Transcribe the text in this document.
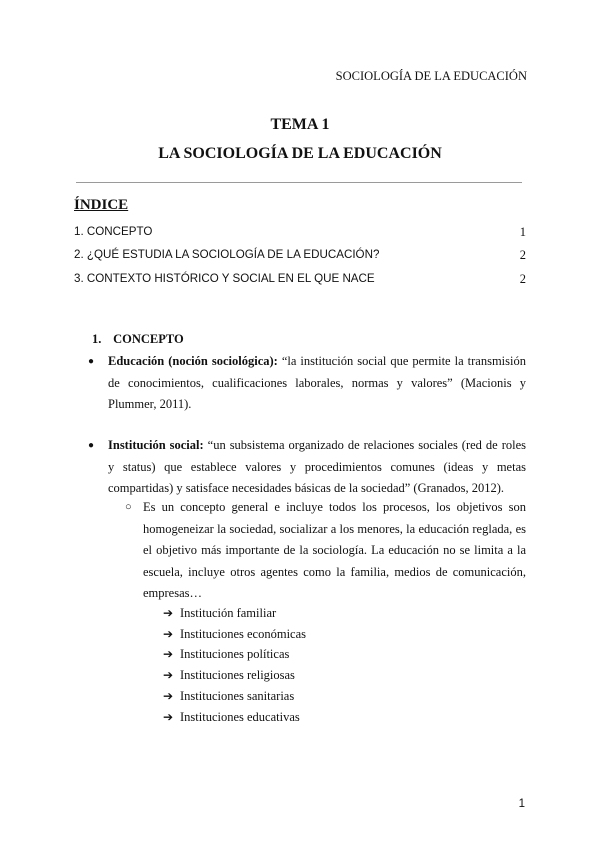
SOCIOLOGÍA DE LA EDUCACIÓN
TEMA 1
LA SOCIOLOGÍA DE LA EDUCACIÓN
ÍNDICE
1. CONCEPTO	1
2. ¿QUÉ ESTUDIA LA SOCIOLOGÍA DE LA EDUCACIÓN?	2
3. CONTEXTO HISTÓRICO Y SOCIAL EN EL QUE NACE	2
1. CONCEPTO
● Educación (noción sociológica): “la institución social que permite la transmisión de conocimientos, cualificaciones laborales, normas y valores” (Macionis y Plummer, 2011).
● Institución social: “un subsistema organizado de relaciones sociales (red de roles y status) que establece valores y procedimientos comunes (ideas y metas compartidas) y satisface necesidades básicas de la sociedad” (Granados, 2012).
○ Es un concepto general e incluye todos los procesos, los objetivos son homogeneizar la sociedad, socializar a los menores, la educación reglada, es el objetivo más importante de la sociología. La educación no se limita a la escuela, incluye otros agentes como la familia, medios de comunicación, empresas…
➔ Institución familiar
➔ Instituciones económicas
➔ Instituciones políticas
➔ Instituciones religiosas
➔ Instituciones sanitarias
➔ Instituciones educativas
1
